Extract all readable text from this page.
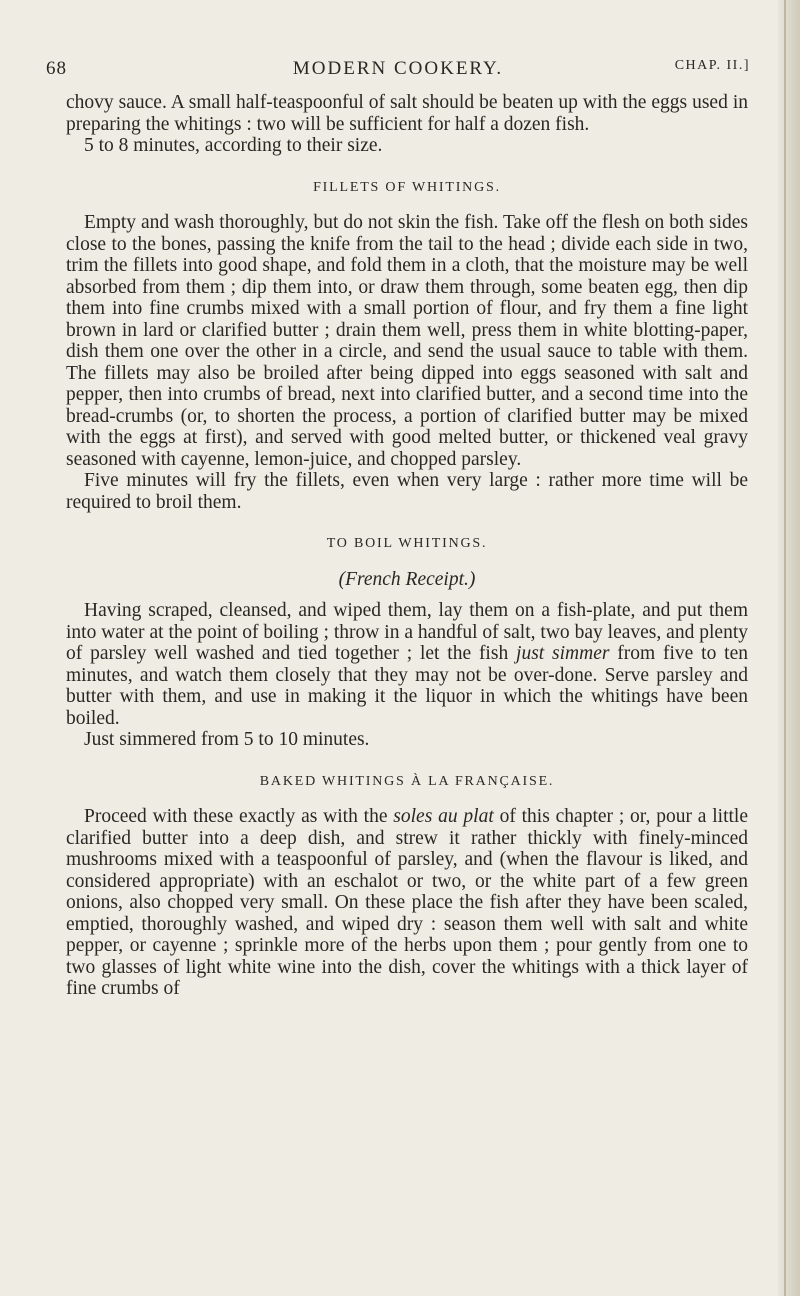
68	MODERN COOKERY.	CHAP. II.]

chovy sauce. A small half-teaspoonful of salt should be beaten up with the eggs used in preparing the whitings : two will be sufficient for half a dozen fish.

5 to 8 minutes, according to their size.

FILLETS OF WHITINGS.

Empty and wash thoroughly, but do not skin the fish. Take off the flesh on both sides close to the bones, passing the knife from the tail to the head ; divide each side in two, trim the fillets into good shape, and fold them in a cloth, that the moisture may be well absorbed from them ; dip them into, or draw them through, some beaten egg, then dip them into fine crumbs mixed with a small portion of flour, and fry them a fine light brown in lard or clarified butter ; drain them well, press them in white blotting-paper, dish them one over the other in a circle, and send the usual sauce to table with them. The fillets may also be broiled after being dipped into eggs seasoned with salt and pepper, then into crumbs of bread, next into clarified butter, and a second time into the bread-crumbs (or, to shorten the process, a portion of clarified butter may be mixed with the eggs at first), and served with good melted butter, or thickened veal gravy seasoned with cayenne, lemon-juice, and chopped parsley.

Five minutes will fry the fillets, even when very large : rather more time will be required to broil them.

TO BOIL WHITINGS.
(French Receipt.)

Having scraped, cleansed, and wiped them, lay them on a fish-plate, and put them into water at the point of boiling ; throw in a handful of salt, two bay leaves, and plenty of parsley well washed and tied together ; let the fish just simmer from five to ten minutes, and watch them closely that they may not be over-done. Serve parsley and butter with them, and use in making it the liquor in which the whitings have been boiled.

Just simmered from 5 to 10 minutes.

BAKED WHITINGS À LA FRANÇAISE.

Proceed with these exactly as with the soles au plat of this chapter ; or, pour a little clarified butter into a deep dish, and strew it rather thickly with finely-minced mushrooms mixed with a teaspoonful of parsley, and (when the flavour is liked, and considered appropriate) with an eschalot or two, or the white part of a few green onions, also chopped very small. On these place the fish after they have been scaled, emptied, thoroughly washed, and wiped dry : season them well with salt and white pepper, or cayenne ; sprinkle more of the herbs upon them ; pour gently from one to two glasses of light white wine into the dish, cover the whitings with a thick layer of fine crumbs of
